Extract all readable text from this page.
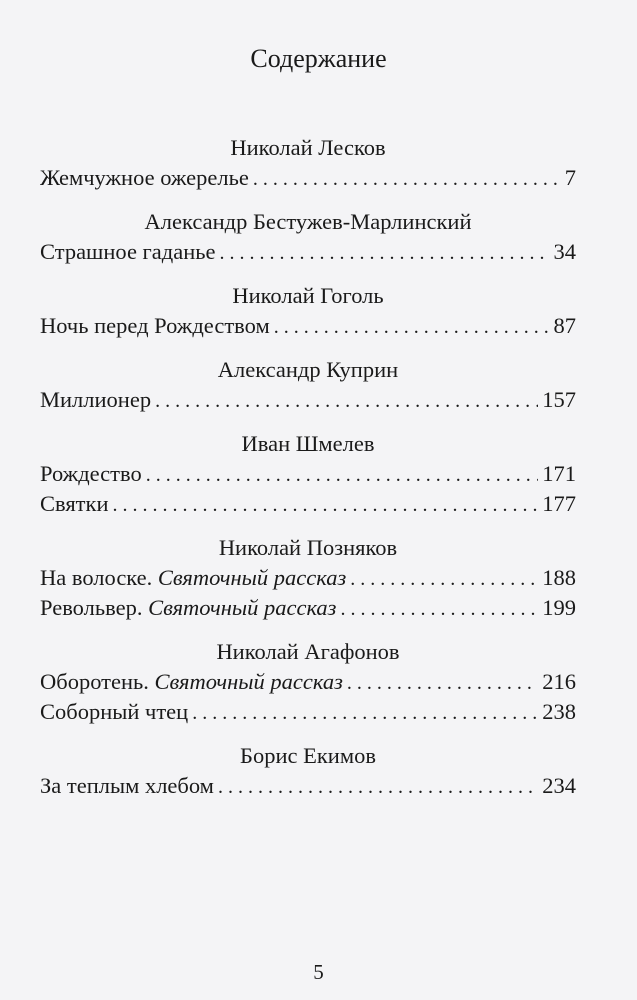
Содержание
Николай Лесков
Жемчужное ожерелье . . .	7
Александр Бестужев-Марлинский
Страшное гаданье . . .	34
Николай Гоголь
Ночь перед Рождеством . . .	87
Александр Куприн
Миллионер . . .	157
Иван Шмелев
Рождество . . .	171
Святки . . .	177
Николай Позняков
На волоске. Святочный рассказ . . .	188
Револьвер. Святочный рассказ . . .	199
Николай Агафонов
Оборотень. Святочный рассказ . . .	216
Соборный чтец . . .	238
Борис Екимов
За теплым хлебом . . .	234
5
